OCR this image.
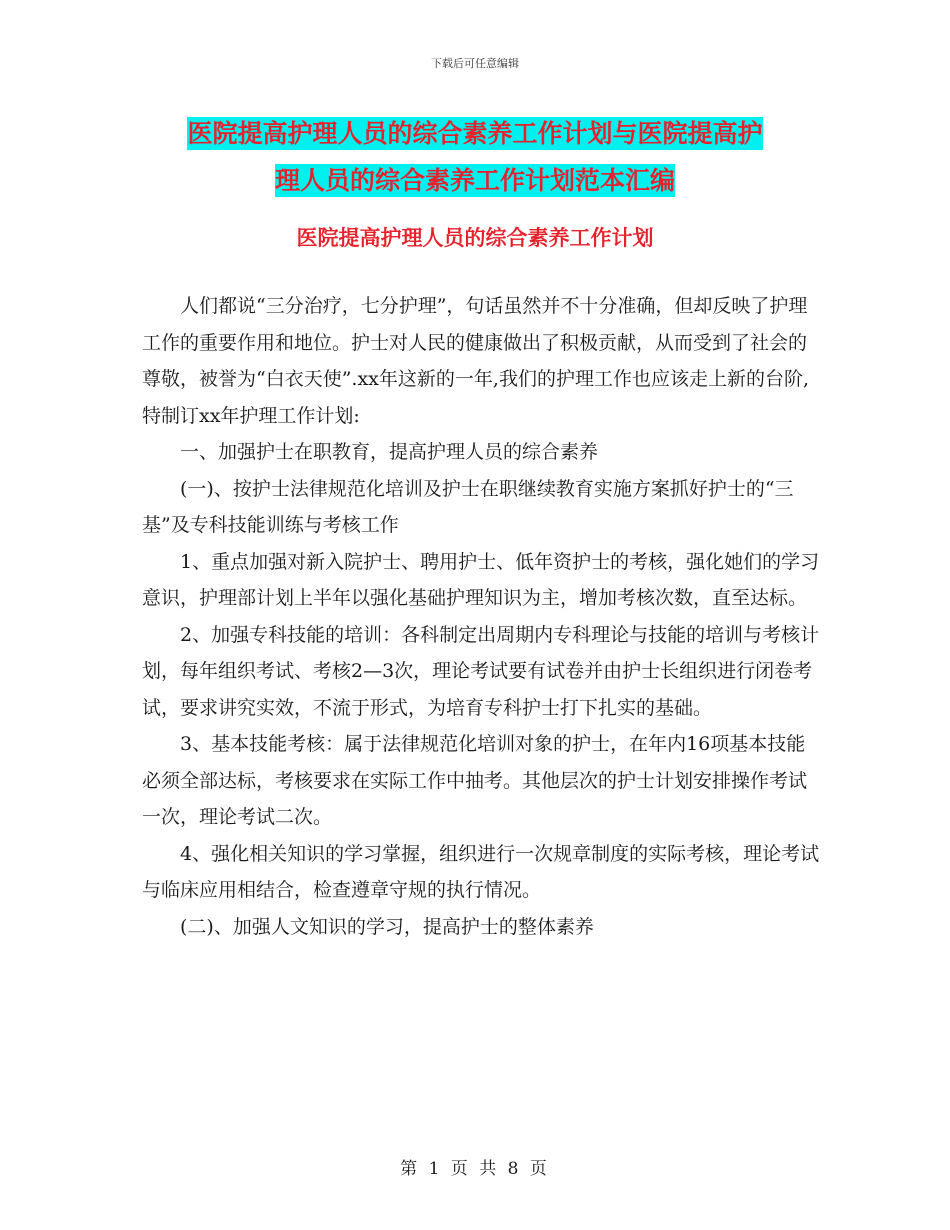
下载后可任意编辑
医院提高护理人员的综合素养工作计划与医院提高护
理人员的综合素养工作计划范本汇编
医院提高护理人员的综合素养工作计划

人们都说“三分治疗，七分护理”，句话虽然并不十分准确，但却反映了护理工作的重要作用和地位。护士对人民的健康做出了积极贡献，从而受到了社会的尊敬，被誉为“白衣天使”.xx年这新的一年,我们的护理工作也应该走上新的台阶,特制订xx年护理工作计划:

一、加强护士在职教育，提高护理人员的综合素养

(一)、按护士法律规范化培训及护士在职继续教育实施方案抓好护士的“三基”及专科技能训练与考核工作

1、重点加强对新入院护士、聘用护士、低年资护士的考核，强化她们的学习意识，护理部计划上半年以强化基础护理知识为主，增加考核次数，直至达标。

2、加强专科技能的培训：各科制定出周期内专科理论与技能的培训与考核计划，每年组织考试、考核2—3次，理论考试要有试卷并由护士长组织进行闭卷考试，要求讲究实效，不流于形式，为培育专科护士打下扎实的基础。

3、基本技能考核：属于法律规范化培训对象的护士，在年内16项基本技能必须全部达标，考核要求在实际工作中抽考。其他层次的护士计划安排操作考试一次，理论考试二次。

4、强化相关知识的学习掌握，组织进行一次规章制度的实际考核，理论考试与临床应用相结合，检查遵章守规的执行情况。

(二)、加强人文知识的学习，提高护士的整体素养

第 1 页 共 8 页
